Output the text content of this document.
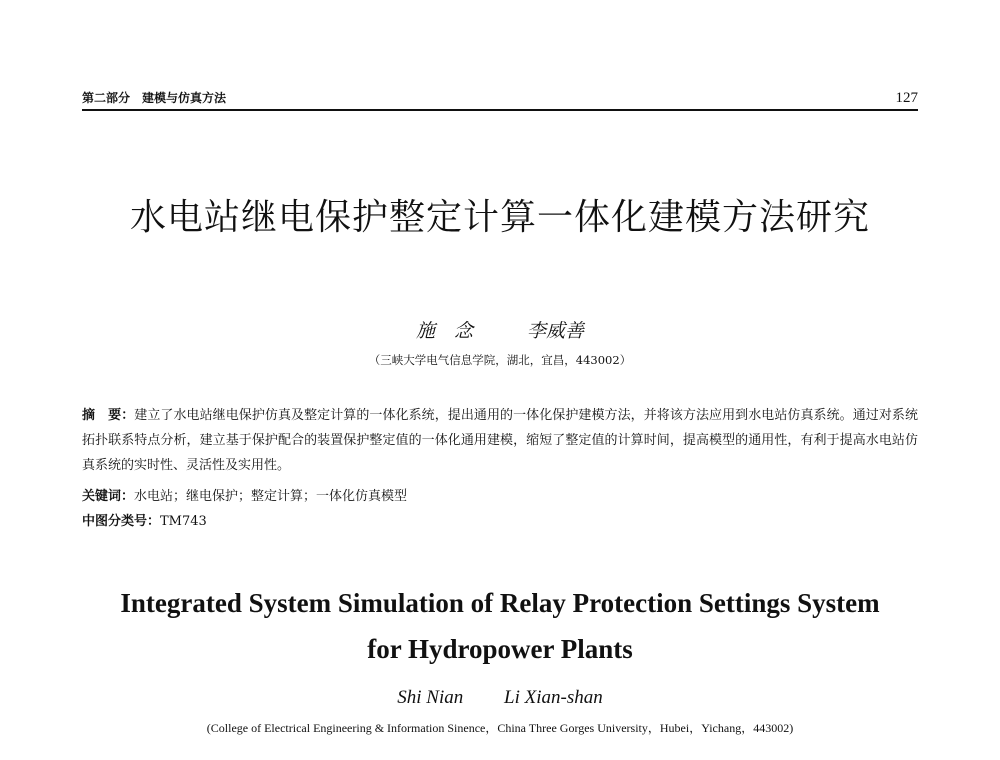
第二部分　建模与仿真方法	127
水电站继电保护整定计算一体化建模方法研究
施　念	李威善
（三峡大学电气信息学院，湖北，宜昌，443002）
摘　要：建立了水电站继电保护仿真及整定计算的一体化系统，提出通用的一体化保护建模方法，并将该方法应用到水电站仿真系统。通过对系统拓扑联系特点分析，建立基于保护配合的装置保护整定值的一体化通用建模，缩短了整定值的计算时间，提高模型的通用性，有利于提高水电站仿真系统的实时性、灵活性及实用性。
关键词：水电站；继电保护；整定计算；一体化仿真模型
中图分类号：TM743
Integrated System Simulation of Relay Protection Settings System
for Hydropower Plants
Shi Nian Li Xian-shan
(College of Electrical Engineering & Information Sinence，China Three Gorges University，Hubei，Yichang，443002)
